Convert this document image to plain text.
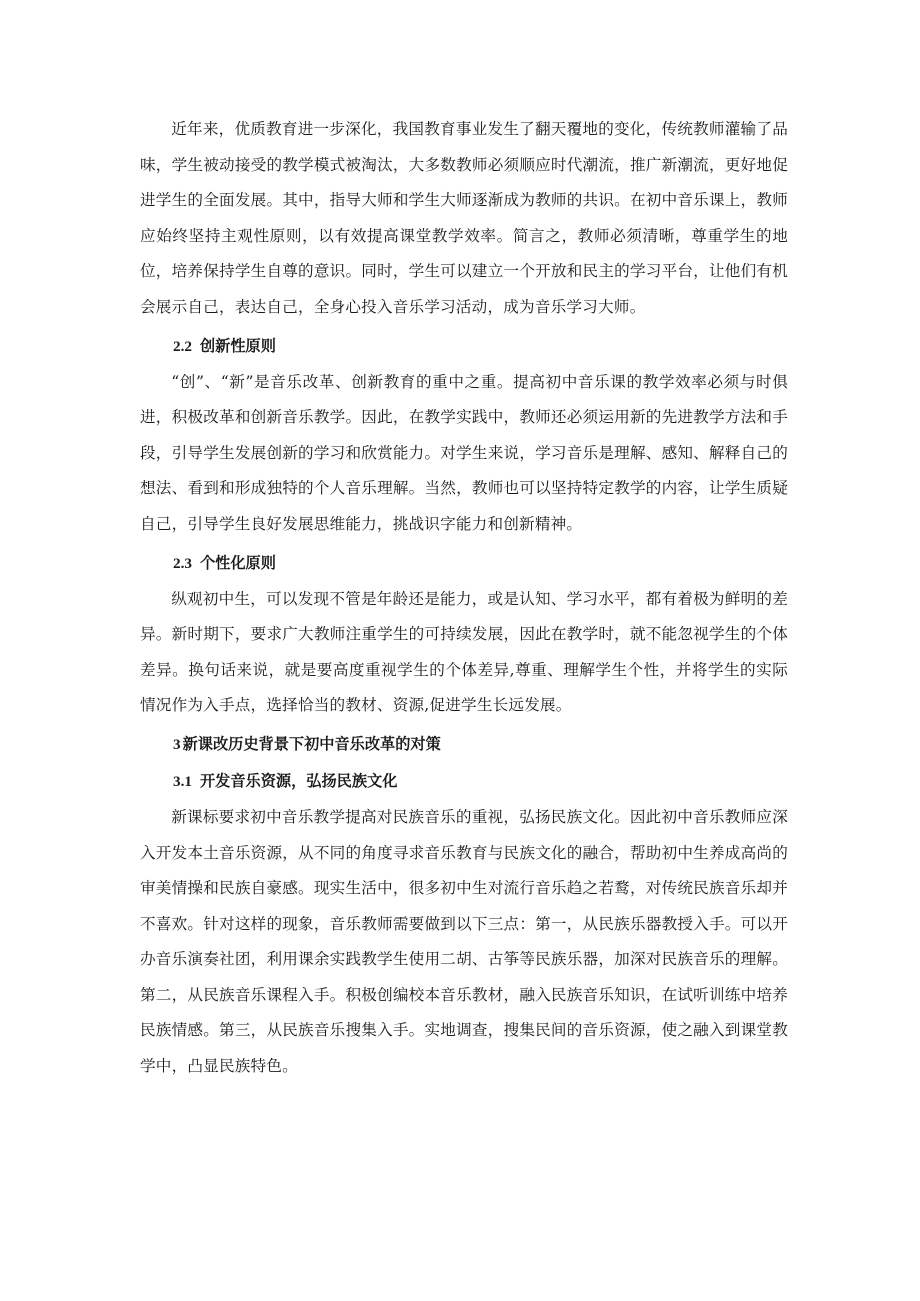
近年来，优质教育进一步深化，我国教育事业发生了翻天覆地的变化，传统教师灌输了品味，学生被动接受的教学模式被淘汰，大多数教师必须顺应时代潮流，推广新潮流，更好地促进学生的全面发展。其中，指导大师和学生大师逐渐成为教师的共识。在初中音乐课上，教师应始终坚持主观性原则，以有效提高课堂教学效率。简言之，教师必须清晰，尊重学生的地位，培养保持学生自尊的意识。同时，学生可以建立一个开放和民主的学习平台，让他们有机会展示自己，表达自己，全身心投入音乐学习活动，成为音乐学习大师。

2.2 创新性原则

“创”、“新”是音乐改革、创新教育的重中之重。提高初中音乐课的教学效率必须与时俱进，积极改革和创新音乐教学。因此，在教学实践中，教师还必须运用新的先进教学方法和手段，引导学生发展创新的学习和欣赏能力。对学生来说，学习音乐是理解、感知、解释自己的想法、看到和形成独特的个人音乐理解。当然，教师也可以坚持特定教学的内容，让学生质疑自己，引导学生良好发展思维能力，挑战识字能力和创新精神。

2.3 个性化原则

纵观初中生，可以发现不管是年龄还是能力，或是认知、学习水平，都有着极为鲜明的差异。新时期下，要求广大教师注重学生的可持续发展，因此在教学时，就不能忽视学生的个体差异。换句话来说，就是要高度重视学生的个体差异,尊重、理解学生个性，并将学生的实际情况作为入手点，选择恰当的教材、资源,促进学生长远发展。

3 新课改历史背景下初中音乐改革的对策
3.1 开发音乐资源，弘扬民族文化

新课标要求初中音乐教学提高对民族音乐的重视，弘扬民族文化。因此初中音乐教师应深入开发本土音乐资源，从不同的角度寻求音乐教育与民族文化的融合，帮助初中生养成高尚的审美情操和民族自豪感。现实生活中，很多初中生对流行音乐趋之若鹜，对传统民族音乐却并不喜欢。针对这样的现象，音乐教师需要做到以下三点：第一，从民族乐器教授入手。可以开办音乐演奏社团，利用课余实践教学生使用二胡、古筝等民族乐器，加深对民族音乐的理解。第二，从民族音乐课程入手。积极创编校本音乐教材，融入民族音乐知识，在试听训练中培养民族情感。第三，从民族音乐搜集入手。实地调查，搜集民间的音乐资源，使之融入到课堂教学中，凸显民族特色。
